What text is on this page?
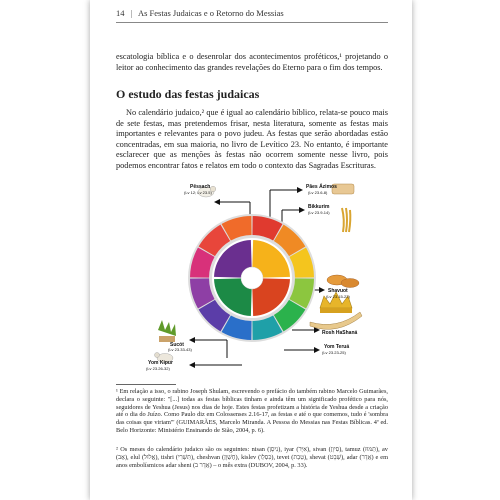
14 | As Festas Judaicas e o Retorno do Messias

escatologia bíblica e o desenrolar dos acontecimentos proféticos,¹ projetando o leitor ao conhecimento das grandes revelações do Eterno para o fim dos tempos.

O estudo das festas judaicas

No calendário judaico,² que é igual ao calendário bíblico, relata-se pouco mais de sete festas, mas pretendemos frisar, nesta literatura, somente as festas mais importantes e relevantes para o povo judeu. As festas que serão abordadas estão concentradas, em sua maioria, no livro de Levítico 23. No entanto, é importante esclarecer que as menções às festas não ocorrem somente nesse livro, pois podemos encontrar fatos e relatos em todo o contexto das Sagradas Escrituras.

Pêssach
(Lv 12; Lv 23.5)
Pães Ázimos
(Lv 23.6-8)
Bikkurim
(Lv 23.9-14)
Shavuot
(Lv 23.15-22)
Rosh HaShaná
Yom Teruá
(Lv 23.23-25)
Yom Kipur
(Lv 23.26-32)
Sucót
(Lv 23.33-43)

¹ Em relação a isso, o rabino Joseph Shulam, escrevendo o prefácio do também rabino Marcelo Guimarães, declara o seguinte: "[...] todas as festas bíblicas tinham e ainda têm um significado profético para nós, seguidores de Yeshua (Jesus) nos dias de hoje. Estes festas profetizam a história de Yeshua desde a criação até o dia do Juízo. Como Paulo diz em Colossenses 2.16-17, as festas e até o que comemos, tudo é 'sombra das coisas que viriam'" (GUIMARÃES, Marcelo Miranda. A Pessoa do Messias nas Festas Bíblicas. 4ª ed. Belo Horizonte: Ministério Ensinando de Sião, 2004, p. 6).

² Os meses do calendário judaico são os seguintes: nisan (נִיסָן), iyar (אִיָּר), sivan (סִיוָן), tamuz (תַּמּוּז), av (אָב), elul (אֱלוּל), tishri (תִּשְׁרִי), cheshvan (חֶשְׁוָן), kislev (כִּסְלֵו), tevet (טֵבֵת), shevat (שְׁבָט), adar (אֲדָר) e em anos embolísmicos adar sheni (אֲדָר ב) – o mês extra (DUBOV, 2004, p. 33).
